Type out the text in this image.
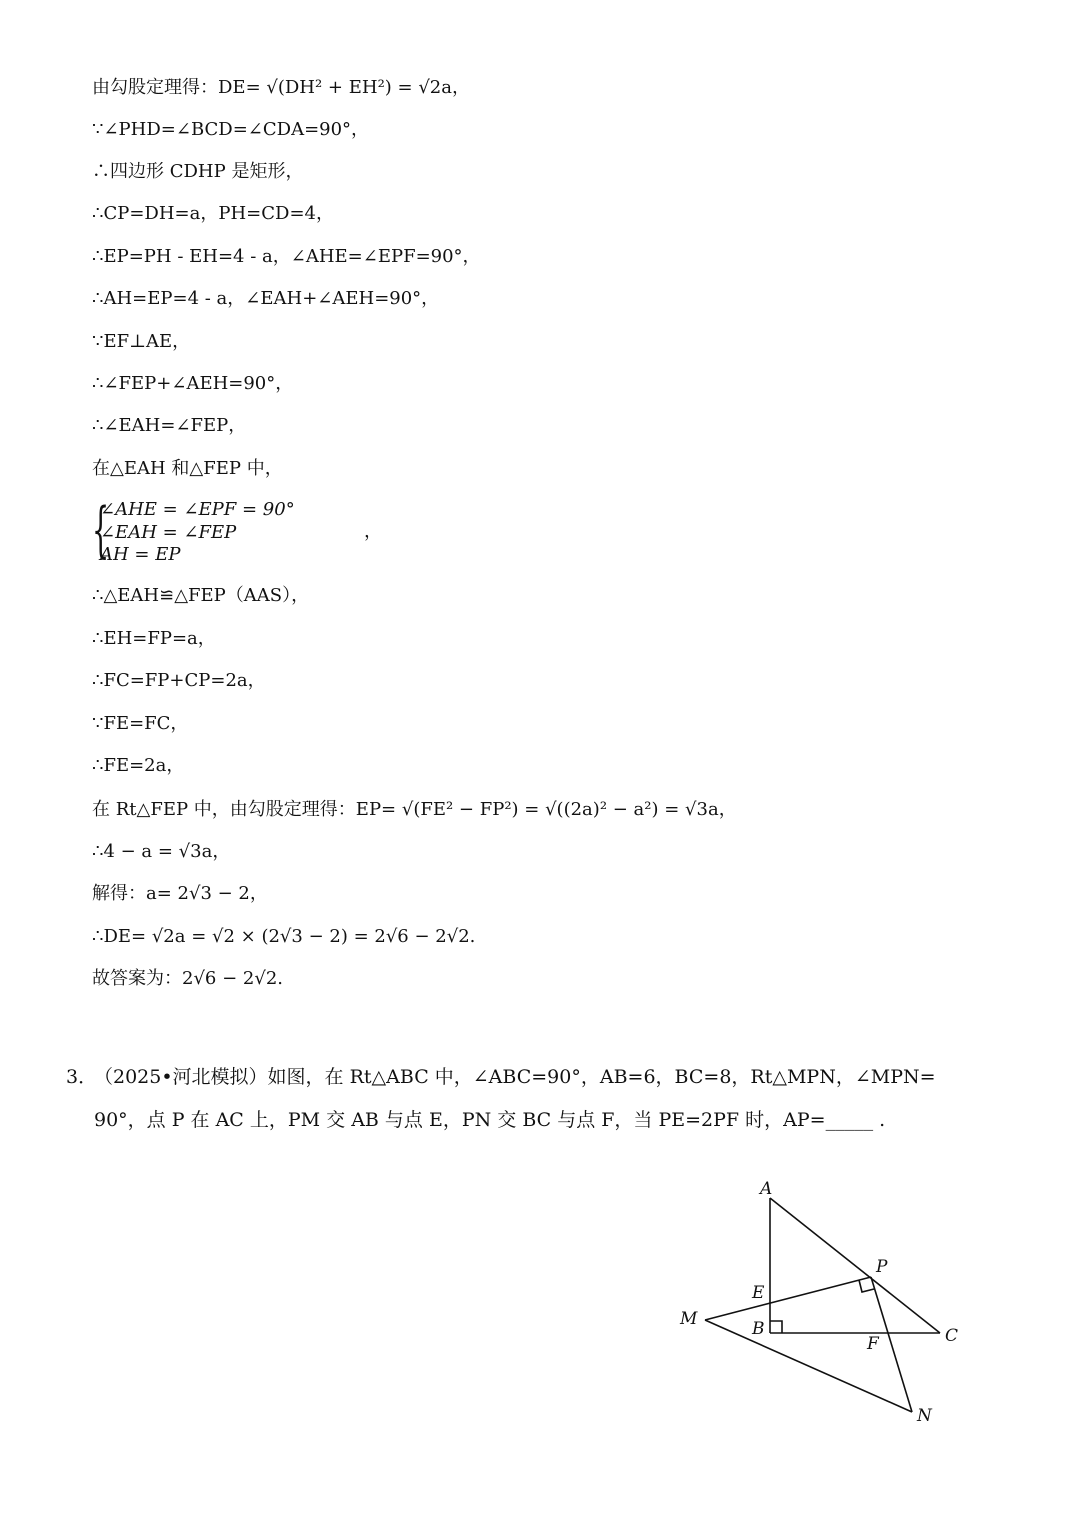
由勾股定理得：DE= √(DH² + EH²) = √2a，

∵∠PHD=∠BCD=∠CDA=90°，

∴四边形 CDHP 是矩形，

∴CP=DH=a，PH=CD=4，

∴EP=PH - EH=4 - a，∠AHE=∠EPF=90°，

∴AH=EP=4 - a，∠EAH+∠AEH=90°，

∵EF⊥AE，

∴∠FEP+∠AEH=90°，

∴∠EAH=∠FEP，

在△EAH 和△FEP 中，

{
∠AHE = ∠EPF = 90°
∠EAH = ∠FEP
AH = EP
，

∴△EAH≌△FEP（AAS），

∴EH=FP=a，

∴FC=FP+CP=2a，

∵FE=FC，

∴FE=2a，

在 Rt△FEP 中，由勾股定理得：EP= √(FE² − FP²) = √((2a)² − a²) = √3a，

∴4 − a = √3a，

解得：a= 2√3 − 2，

∴DE= √2a = √2 × (2√3 − 2) = 2√6 − 2√2.

故答案为：2√6 − 2√2.

3．
（2025•河北模拟）如图，在 Rt△ABC 中，∠ABC=90°，AB=6，BC=8，Rt△MPN，∠MPN=
90°，点 P 在 AC 上，PM 交 AB 与点 E，PN 交 BC 与点 F，当 PE=2PF 时，AP=_____ .
A
P
E
M	B
F	C
N
